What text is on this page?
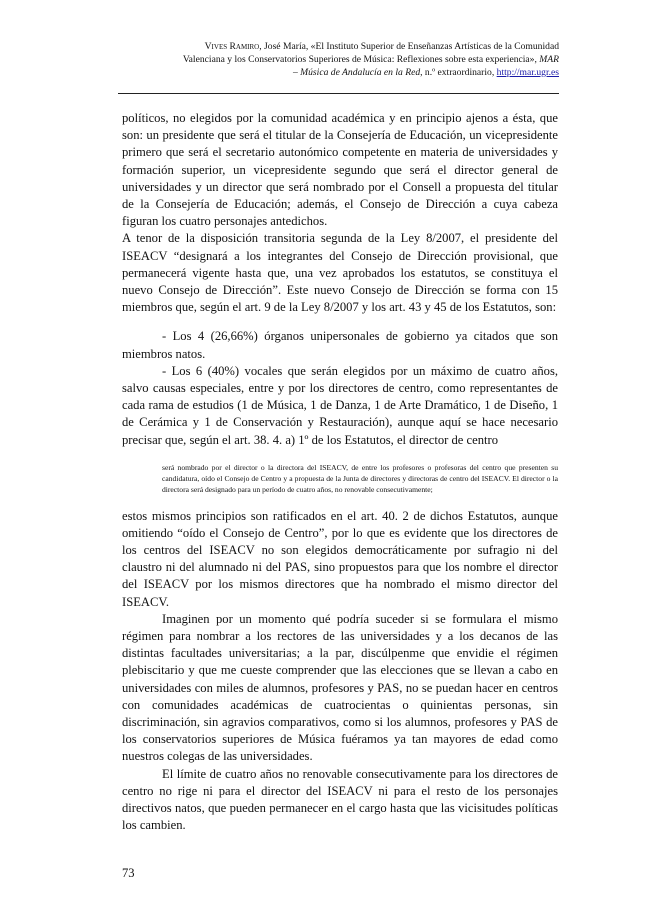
Vives Ramiro, José María, «El Instituto Superior de Enseñanzas Artísticas de la Comunidad
Valenciana y los Conservatorios Superiores de Música: Reflexiones sobre esta experiencia», MAR
– Música de Andalucía en la Red, n.º extraordinario, http://mar.ugr.es

políticos, no elegidos por la comunidad académica y en principio ajenos a ésta, que son: un presidente que será el titular de la Consejería de Educación, un vicepresidente primero que será el secretario autonómico competente en materia de universidades y formación superior, un vicepresidente segundo que será el director general de universidades y un director que será nombrado por el Consell a propuesta del titular de la Consejería de Educación; además, el Consejo de Dirección a cuya cabeza figuran los cuatro personajes antedichos.

A tenor de la disposición transitoria segunda de la Ley 8/2007, el presidente del ISEACV “designará a los integrantes del Consejo de Dirección provisional, que permanecerá vigente hasta que, una vez aprobados los estatutos, se constituya el nuevo Consejo de Dirección”. Este nuevo Consejo de Dirección se forma con 15 miembros que, según el art. 9 de la Ley 8/2007 y los art. 43 y 45 de los Estatutos, son:

- Los 4 (26,66%) órganos unipersonales de gobierno ya citados que son miembros natos.

- Los 6 (40%) vocales que serán elegidos por un máximo de cuatro años, salvo causas especiales, entre y por los directores de centro, como representantes de cada rama de estudios (1 de Música, 1 de Danza, 1 de Arte Dramático, 1 de Diseño, 1 de Cerámica y 1 de Conservación y Restauración), aunque aquí se hace necesario precisar que, según el art. 38. 4. a) 1º de los Estatutos, el director de centro

será nombrado por el director o la directora del ISEACV, de entre los profesores o profesoras del centro que presenten su candidatura, oído el Consejo de Centro y a propuesta de la Junta de directores y directoras de centro del ISEACV. El director o la directora será designado para un período de cuatro años, no renovable consecutivamente;

estos mismos principios son ratificados en el art. 40. 2 de dichos Estatutos, aunque omitiendo “oído el Consejo de Centro”, por lo que es evidente que los directores de los centros del ISEACV no son elegidos democráticamente por sufragio ni del claustro ni del alumnado ni del PAS, sino propuestos para que los nombre el director del ISEACV por los mismos directores que ha nombrado el mismo director del ISEACV.

Imaginen por un momento qué podría suceder si se formulara el mismo régimen para nombrar a los rectores de las universidades y a los decanos de las distintas facultades universitarias; a la par, discúlpenme que envidie el régimen plebiscitario y que me cueste comprender que las elecciones que se llevan a cabo en universidades con miles de alumnos, profesores y PAS, no se puedan hacer en centros con comunidades académicas de cuatrocientas o quinientas personas, sin discriminación, sin agravios comparativos, como si los alumnos, profesores y PAS de los conservatorios superiores de Música fuéramos ya tan mayores de edad como nuestros colegas de las universidades.

El límite de cuatro años no renovable consecutivamente para los directores de centro no rige ni para el director del ISEACV ni para el resto de los personajes directivos natos, que pueden permanecer en el cargo hasta que las vicisitudes políticas los cambien.

73
